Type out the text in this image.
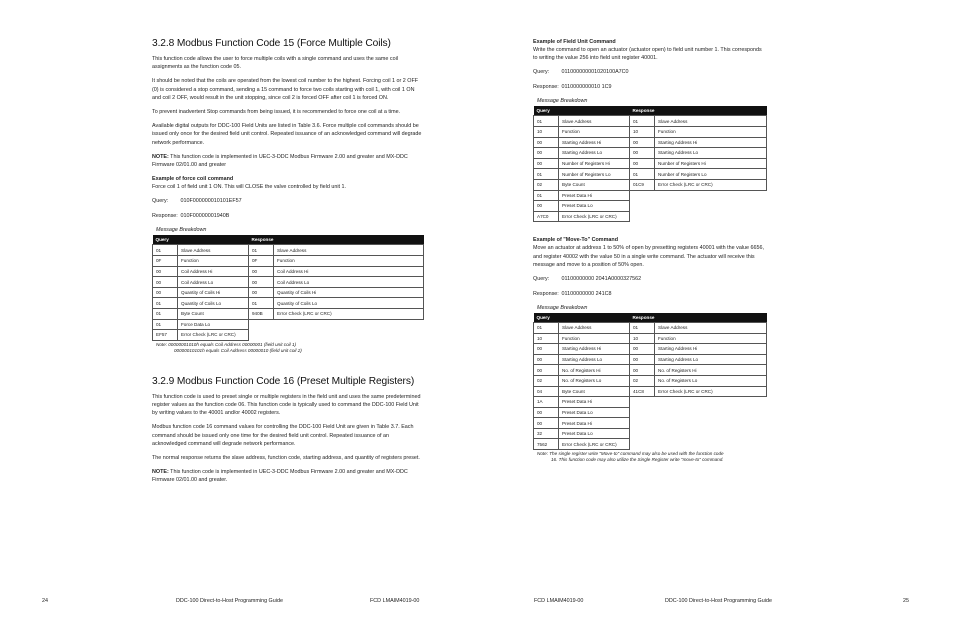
3.2.8 Modbus Function Code 15 (Force Multiple Coils)

This function code allows the user to force multiple coils with a single command and uses the same coil assignments as the function code 05.

It should be noted that the coils are operated from the lowest coil number to the highest. Forcing coil 1 or 2 OFF (0) is considered a stop command, sending a 15 command to force two coils starting with coil 1, with coil 1 ON and coil 2 OFF, would result in the unit stopping, since coil 2 is forced OFF after coil 1 is forced ON.

To prevent inadvertent Stop commands from being issued, it is recommended to force one coil at a time.

Available digital outputs for DDC-100 Field Units are listed in Table 3.6. Force multiple coil commands should be issued only once for the desired field unit control. Repeated issuance of an acknowledged command will degrade network performance.

NOTE: This function code is implemented in UEC-3-DDC Modbus Firmware 2.00 and greater and MX-DDC Firmware 02/01.00 and greater

Example of force coil command

Force coil 1 of field unit 1 ON. This will CLOSE the valve controlled by field unit 1.

Query: 010F000000010101EF57

Response: 010F00000001940B

Message Breakdown

Query		Response	
01	Slave Address	01	Slave Address
0F	Function	0F	Function
00	Coil Address Hi	00	Coil Address Hi
00	Coil Address Lo	00	Coil Address Lo
00	Quantity of Coils Hi	00	Quantity of Coils Hi
01	Quantity of Coils Lo	01	Quantity of Coils Lo
01	Byte Count	940B	Error Check (LRC or CRC)
01	Force Data Lo		
EF57	Error Check (LRC or CRC)		

Note: 00000001010h equals Coil Address 00000001 (field unit coil 1)

00000010101h equals Coil Address 00000010 (field unit coil 2)

3.2.9 Modbus Function Code 16 (Preset Multiple Registers)

This function code is used to preset single or multiple registers in the field unit and uses the same predetermined register values as the function code 06. This function code is typically used to command the DDC-100 Field Unit by writing values to the 40001 and/or 40002 registers.

Modbus function code 16 command values for controlling the DDC-100 Field Unit are given in Table 3.7. Each command should be issued only one time for the desired field unit control. Repeated issuance of an acknowledged command will degrade network performance.

The normal response returns the slave address, function code, starting address, and quantity of registers preset.

NOTE: This function code is implemented in UEC-3-DDC Modbus Firmware 2.00 and greater and MX-DDC Firmware 02/01.00 and greater.

24	DDC-100 Direct-to-Host Programming Guide	FCD LMAIM4019-00

Example of Field Unit Command

Write the command to open an actuator (actuator open) to field unit number 1. This corresponds to writing the value 256 into field unit register 40001.

Query: 011000000001020100A7C0

Response: 0110000000010 1C9

Message Breakdown

Query		Response	
01	Slave Address	01	Slave Address
10	Function	10	Function
00	Starting Address Hi	00	Starting Address Hi
00	Starting Address Lo	00	Starting Address Lo
00	Number of Registers Hi	00	Number of Registers Hi
01	Number of Registers Lo	01	Number of Registers Lo
02	Byte Count	01C9	Error Check (LRC or CRC)
01	Preset Data Hi		
00	Preset Data Lo		
A7C0	Error Check (LRC or CRC)		

Example of "Move-To" Command

Move an actuator at address 1 to 50% of open by presetting registers 40001 with the value 6656, and register 40002 with the value 50 in a single write command. The actuator will receive this message and move to a position of 50% open.

Query: 01100000000 2041A0000327562

Response: 01100000000 241C8

Message Breakdown

Query		Response	
01	Slave Address	01	Slave Address
10	Function	10	Function
00	Starting Address Hi	00	Starting Address Hi
00	Starting Address Lo	00	Starting Address Lo
00	No. of Registers Hi	00	No. of Registers Hi
02	No. of Registers Lo	02	No. of Registers Lo
04	Byte Count	41C8	Error Check (LRC or CRC)
1A	Preset Data Hi		
00	Preset Data Lo		
00	Preset Data Hi		
32	Preset Data Lo		
7562	Error Check (LRC or CRC)		

Note: The single register write "Move-to" command may also be used with the function code

16. This function code may also utilize the Single Register write "move-to" command.

FCD LMAIM4019-00	DDC-100 Direct-to-Host Programming Guide	25
